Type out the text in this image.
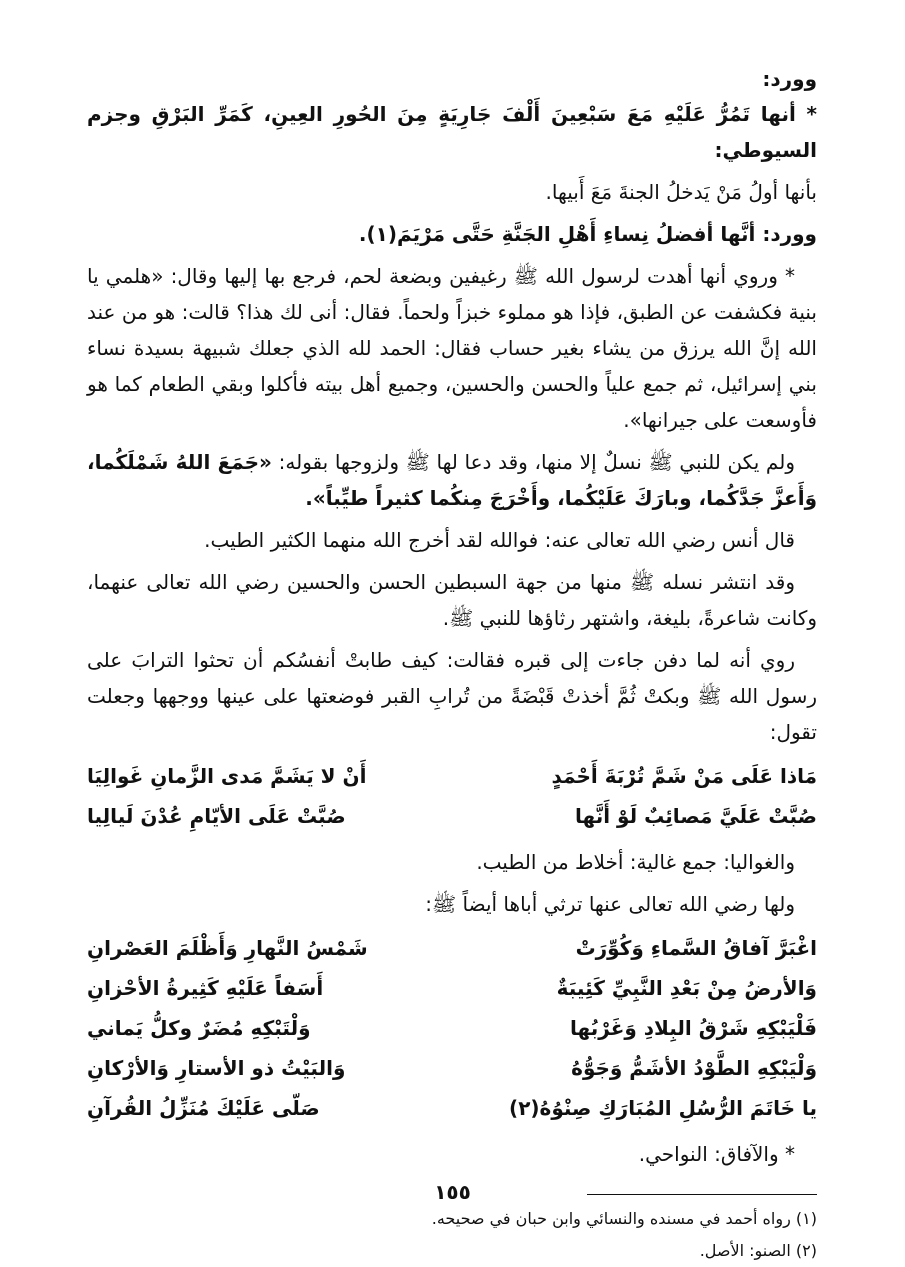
وورد:

* أنها تَمُرُّ عَلَيْهِ مَعَ سَبْعِينَ أَلْفَ جَارِيَةٍ مِنَ الحُورِ العِينِ، كَمَرِّ البَرْقِ وجزم السيوطي:

بأنها أولُ مَنْ يَدخلُ الجنةَ مَعَ أَبيها.

وورد: أنَّها أفضلُ نِساءِ أَهْلِ الجَنَّةِ حَتَّى مَرْيَمَ(١).

* وروي أنها أهدت لرسول الله ﷺ رغيفين وبضعة لحم، فرجع بها إليها وقال: «هلمي يا بنية فكشفت عن الطبق، فإذا هو مملوء خبزاً ولحماً. فقال: أنى لك هذا؟ قالت: هو من عند الله إنَّ الله يرزق من يشاء بغير حساب فقال: الحمد لله الذي جعلك شبيهة بسيدة نساء بني إسرائيل، ثم جمع علياً والحسن والحسين، وجميع أهل بيته فأكلوا وبقي الطعام كما هو فأوسعت على جيرانها».

ولم يكن للنبي ﷺ نسلٌ إلا منها، وقد دعا لها ﷺ ولزوجها بقوله: «جَمَعَ اللهُ شَمْلَكُما، وَأَعزَّ جَدَّكُما، وبارَكَ عَلَيْكُما، وأَخْرَجَ مِنكُما كثيراً طيِّباً».

قال أنس رضي الله تعالى عنه: فوالله لقد أخرج الله منهما الكثير الطيب.

وقد انتشر نسله ﷺ منها من جهة السبطين الحسن والحسين رضي الله تعالى عنهما، وكانت شاعرةً، بليغة، واشتهر رثاؤها للنبي ﷺ.

روي أنه لما دفن جاءت إلى قبره فقالت: كيف طابتْ أنفسُكم أن تحثوا الترابَ على رسول الله ﷺ وبكتْ ثُمَّ أخذتْ قَبْضَةً من تُرابِ القبر فوضعتها على عينها ووجهها وجعلت تقول:

مَاذا عَلَى مَنْ شَمَّ تُرْبَةَ أَحْمَدٍ
أَنْ لا يَشَمَّ مَدى الزَّمانِ غَوالِيَا
صُبَّتْ عَلَيَّ مَصائِبٌ لَوْ أَنَّها
صُبَّتْ عَلَى الأيّامِ عُدْنَ لَيالِيا

والغواليا: جمع غالية: أخلاط من الطيب.

ولها رضي الله تعالى عنها ترثي أباها أيضاً ﷺ:

اغْبَرَّ آفاقُ السَّماءِ وَكُوِّرَتْ
شَمْسُ النَّهارِ وَأَظْلَمَ العَصْرانِ
وَالأرضُ مِنْ بَعْدِ النَّبِيِّ كَئِيبَةٌ
أَسَفاً عَلَيْهِ كَثِيرةُ الأحْزانِ
فَلْيَبْكِهِ شَرْقُ البِلادِ وَغَرْبُها
وَلْتَبْكِهِ مُضَرٌ وكلُّ يَماني
وَلْيَبْكِهِ الطَّوْدُ الأشَمُّ وَجَوُّهُ
وَالبَيْتُ ذو الأستارِ وَالأرْكانِ
يا خَاتَمَ الرُّسُلِ المُبَارَكِ صِنْوُهُ(٢)
صَلّى عَلَيْكَ مُنَزِّلُ القُرآنِ

* والآفاق: النواحي.

(١) رواه أحمد في مسنده والنسائي وابن حبان في صحيحه.

(٢) الصنو: الأصل.

١٥٥
